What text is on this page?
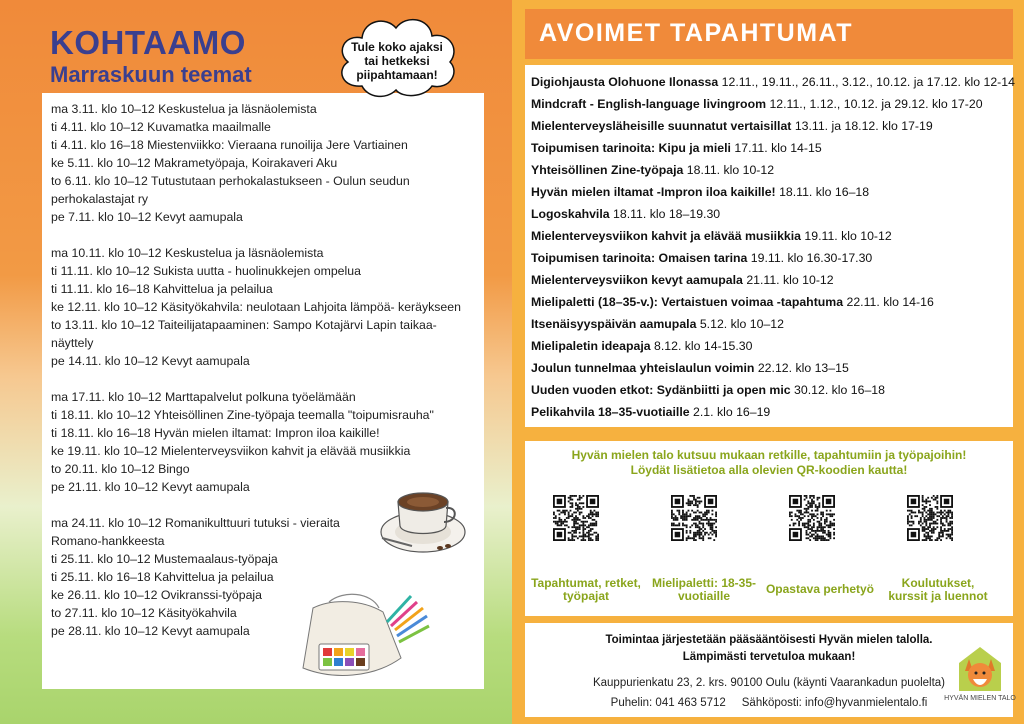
KOHTAAMO
Marraskuun teemat
Tule koko ajaksi tai hetkeksi piipahtamaan!
ma 3.11. klo 10–12 Keskustelua ja läsnäolemista
ti 4.11. klo 10–12 Kuvamatka maailmalle
ti 4.11. klo 16–18 Miestenviikko: Vieraana runoilija Jere Vartiainen
ke 5.11. klo 10–12 Makrametyöpaja, Koirakaveri Aku
to 6.11. klo 10–12 Tutustutaan perhokalastukseen - Oulun seudun perhokalastajat ry
pe 7.11. klo 10–12 Kevyt aamupala
ma 10.11. klo 10–12 Keskustelua ja läsnäolemista
ti 11.11. klo 10–12 Sukista uutta - huolinukkejen ompelua
ti 11.11. klo 16–18 Kahvittelua ja pelailua
ke 12.11. klo 10–12 Käsityökahvila: neulotaan Lahjoita lämpöä- keräykseen
to 13.11. klo 10–12 Taiteilijatapaaminen: Sampo Kotajärvi Lapin taikaa- näyttely
pe 14.11. klo 10–12 Kevyt aamupala
ma 17.11. klo 10–12 Marttapalvelut polkuna työelämään
ti 18.11. klo 10–12 Yhteisöllinen Zine-työpaja teemalla "toipumisrauha"
ti 18.11. klo 16–18 Hyvän mielen iltamat: Impron iloa kaikille!
ke 19.11. klo 10–12 Mielenterveysviikon kahvit ja elävää musiikkia
to 20.11. klo 10–12 Bingo
pe 21.11. klo 10–12 Kevyt aamupala
ma 24.11. klo 10–12 Romanikulttuuri tutuksi - vieraita Romano-hankkeesta
ti 25.11. klo 10–12 Mustemaalaus-työpaja
ti 25.11. klo 16–18 Kahvittelua ja pelailua
ke 26.11. klo 10–12 Ovikranssi-työpaja
to 27.11. klo 10–12 Käsityökahvila
pe 28.11. klo 10–12 Kevyt aamupala
AVOIMET TAPAHTUMAT
Digiohjausta Olohuone Ilonassa 12.11., 19.11., 26.11., 3.12., 10.12. ja 17.12. klo 12-14
Mindcraft - English-language livingroom 12.11., 1.12., 10.12. ja 29.12. klo 17-20
Mielenterveysläheisille suunnatut vertaisillat 13.11. ja 18.12. klo 17-19
Toipumisen tarinoita: Kipu ja mieli 17.11. klo 14-15
Yhteisöllinen Zine-työpaja 18.11. klo 10-12
Hyvän mielen iltamat -Impron iloa kaikille! 18.11. klo 16–18
Logoskahvila 18.11. klo 18–19.30
Mielenterveysviikon kahvit ja elävää musiikkia 19.11. klo 10-12
Toipumisen tarinoita: Omaisen tarina 19.11. klo 16.30-17.30
Mielenterveysviikon kevyt aamupala 21.11. klo 10-12
Mielipaletti (18–35-v.): Vertaistuen voimaa -tapahtuma 22.11. klo 14-16
Itsenäisyyspäivän aamupala 5.12. klo 10–12
Mielipaletin ideapaja 8.12. klo 14-15.30
Joulun tunnelmaa yhteislaulun voimin 22.12. klo 13–15
Uuden vuoden etkot: Sydänbiitti ja open mic 30.12. klo 16–18
Pelikahvila 18–35-vuotiaille 2.1. klo 16–19
Hyvän mielen talo kutsuu mukaan retkille, tapahtumiin ja työpajoihin!
Löydät lisätietoa alla olevien QR-koodien kautta!
Tapahtumat, retket, työpajat
Mielipaletti: 18-35-vuotiaille	Opastava perhetyö	Koulutukset, kurssit ja luennot
Toimintaa järjestetään pääsääntöisesti Hyvän mielen talolla.
Lämpimästi tervetuloa mukaan!
Kauppurienkatu 23, 2. krs. 90100 Oulu (käynti Vaarankadun puolelta)
Puhelin: 041 463 5712 Sähköposti: info@hyvanmielentalo.fi	HYVÄN MIELEN TALO
